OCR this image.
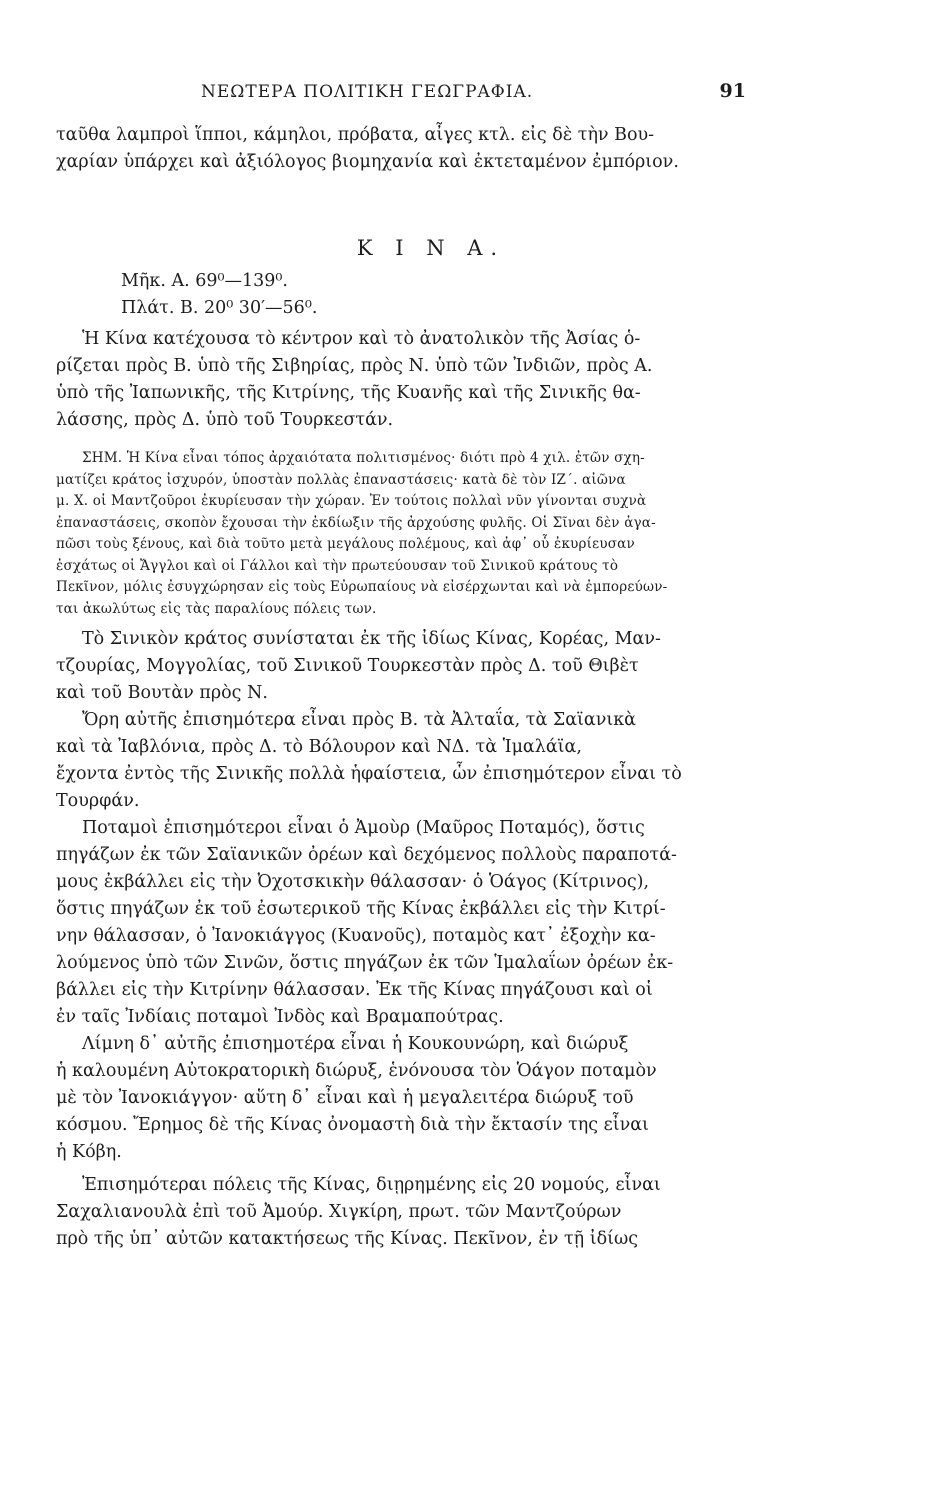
ΝΕΩΤΕΡΑ ΠΟΛΙΤΙΚΗ ΓΕΩΓΡΑΦΙΑ.	91
ταῦθα λαμπροὶ ἵπποι, κάμηλοι, πρόβατα, αἶγες κτλ. εἰς δὲ τὴν Βου-
χαρίαν ὑπάρχει καὶ ἀξιόλογος βιομηχανία καὶ ἐκτεταμένον ἐμπόριον.
Κ Ι Ν Α.
Μῆκ. Α. 69⁰—139⁰.
Πλάτ. Β. 20⁰ 30′—56⁰.
Ἡ Κίνα κατέχουσα τὸ κέντρον καὶ τὸ ἀνατολικὸν τῆς Ἀσίας ὁ-
ρίζεται πρὸς Β. ὑπὸ τῆς Σιβηρίας, πρὸς Ν. ὑπὸ τῶν Ἰνδιῶν, πρὸς Α.
ὑπὸ τῆς Ἰαπωνικῆς, τῆς Κιτρίνης, τῆς Κυανῆς καὶ τῆς Σινικῆς θα-
λάσσης, πρὸς Δ. ὑπὸ τοῦ Τουρκεστάν.
ΣΗΜ. Ἡ Κίνα εἶναι τόπος ἀρχαιότατα πολιτισμένος· διότι πρὸ 4 χιλ. ἐτῶν σχη-
ματίζει κράτος ἰσχυρόν, ὑποστὰν πολλὰς ἐπαναστάσεις· κατὰ δὲ τὸν ΙΖ΄. αἰῶνα
μ. Χ. οἱ Μαντζοῦροι ἐκυρίευσαν τὴν χώραν. Ἐν τούτοις πολλαὶ νῦν γίνονται συχνὰ
ἐπαναστάσεις, σκοπὸν ἔχουσαι τὴν ἐκδίωξιν τῆς ἀρχούσης φυλῆς. Οἱ Σῖναι δὲν ἀγα-
πῶσι τοὺς ξένους, καὶ διὰ τοῦτο μετὰ μεγάλους πολέμους, καὶ ἀφ᾽ οὗ ἐκυρίευσαν
ἐσχάτως οἱ Ἄγγλοι καὶ οἱ Γάλλοι καὶ τὴν πρωτεύουσαν τοῦ Σινικοῦ κράτους τὸ
Πεκῖνον, μόλις ἐσυγχώρησαν εἰς τοὺς Εὐρωπαίους νὰ εἰσέρχωνται καὶ νὰ ἐμπορεύων-
ται ἀκωλύτως εἰς τὰς παραλίους πόλεις των.
Τὸ Σινικὸν κράτος συνίσταται ἐκ τῆς ἰδίως Κίνας, Κορέας, Μαν-
τζουρίας, Μογγολίας, τοῦ Σινικοῦ Τουρκεστὰν πρὸς Δ. τοῦ Θιβὲτ
καὶ τοῦ Βουτὰν πρὸς Ν.
Ὄρη αὐτῆς ἐπισημότερα εἶναι πρὸς Β. τὰ Ἀλταΐα, τὰ Σαϊανικὰ
καὶ τὰ Ἰαβλόνια, πρὸς Δ. τὸ Βόλουρον καὶ ΝΔ. τὰ Ἱμαλάϊα,
ἔχοντα ἐντὸς τῆς Σινικῆς πολλὰ ἡφαίστεια, ὧν ἐπισημότερον εἶναι τὸ
Τουρφάν.
Ποταμοὶ ἐπισημότεροι εἶναι ὁ Ἀμοὺρ (Μαῦρος Ποταμός), ὅστις
πηγάζων ἐκ τῶν Σαϊανικῶν ὀρέων καὶ δεχόμενος πολλοὺς παραποτά-
μους ἐκβάλλει εἰς τὴν Ὀχοτσκικὴν θάλασσαν· ὁ Ὁάγος (Κίτρινος),
ὅστις πηγάζων ἐκ τοῦ ἐσωτερικοῦ τῆς Κίνας ἐκβάλλει εἰς τὴν Κιτρί-
νην θάλασσαν, ὁ Ἰανοκιάγγος (Κυανοῦς), ποταμὸς κατ᾽ ἐξοχὴν κα-
λούμενος ὑπὸ τῶν Σινῶν, ὅστις πηγάζων ἐκ τῶν Ἱμαλαΐων ὀρέων ἐκ-
βάλλει εἰς τὴν Κιτρίνην θάλασσαν. Ἐκ τῆς Κίνας πηγάζουσι καὶ οἱ
ἐν ταῖς Ἰνδίαις ποταμοὶ Ἰνδὸς καὶ Βραμαπούτρας.
Λίμνη δ᾽ αὐτῆς ἐπισημοτέρα εἶναι ἡ Κουκουνώρη, καὶ διώρυξ
ἡ καλουμένη Αὐτοκρατορικὴ διώρυξ, ἑνόνουσα τὸν Ὁάγον ποταμὸν
μὲ τὸν Ἰανοκιάγγον· αὕτη δ᾽ εἶναι καὶ ἡ μεγαλειτέρα διώρυξ τοῦ
κόσμου. Ἔρημος δὲ τῆς Κίνας ὀνομαστὴ διὰ τὴν ἔκτασίν της εἶναι
ἡ Κόβη.
Ἐπισημότεραι πόλεις τῆς Κίνας, διῃρημένης εἰς 20 νομούς, εἶναι
Σαχαλιανουλὰ ἐπὶ τοῦ Ἀμούρ. Χιγκίρη, πρωτ. τῶν Μαντζούρων
πρὸ τῆς ὑπ᾽ αὐτῶν κατακτήσεως τῆς Κίνας. Πεκῖνον, ἐν τῇ ἰδίως
